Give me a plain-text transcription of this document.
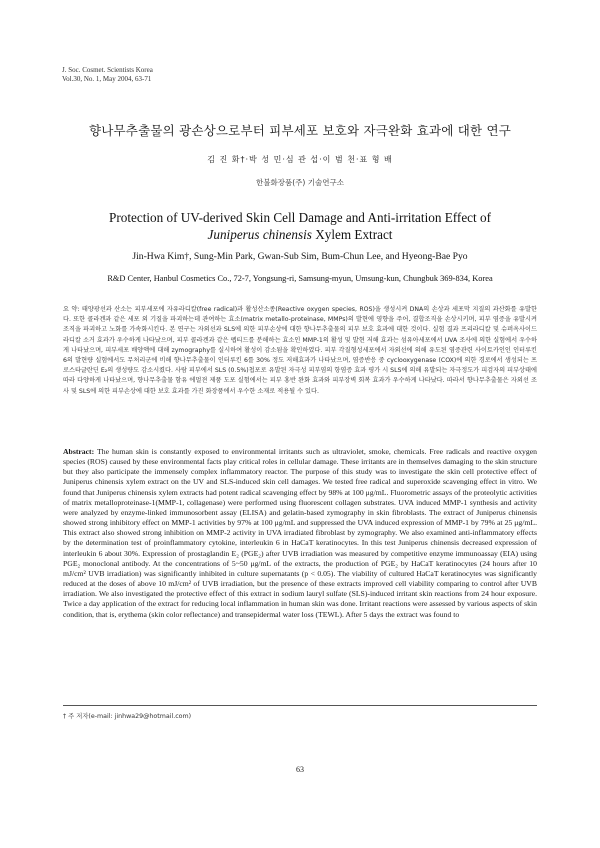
J. Soc. Cosmet. Scientists Korea
Vol.30, No. 1, May 2004, 63-71
향나무추출물의 광손상으로부터 피부세포 보호와 자극완화 효과에 대한 연구
김 진 화†·박 성 민·심 관 섭·이 범 천·표 형 배
한불화장품(주) 기술연구소
Protection of UV-derived Skin Cell Damage and Anti-irritation Effect of
Juniperus chinensis Xylem Extract
Jin-Hwa Kim†, Sung-Min Park, Gwan-Sub Sim, Bum-Chun Lee, and Hyeong-Bae Pyo
R&D Center, Hanbul Cosmetics Co., 72-7, Yongsung-ri, Samsung-myun, Umsung-kun, Chungbuk 369-834, Korea
요 약: 태양광선과 산소는 피부세포에 자유라디칼(free radical)과 활성산소종(Reactive oxygen species, ROS)을 생성시켜 DNA의 손상과 세포막 지질의 과산화를 유발한다. 또한 콜라겐과 같은 세포 외 기질을 파괴하는데 관여하는 효소(matrix metallo-proteinase, MMPs)의 발현에 영향을 주어, 결합조직을 손상시키며, 피부 염증을 유발시켜 조직을 파괴하고 노화를 가속화시킨다. 본 연구는 자외선과 SLS에 의한 피부손상에 대한 향나무추출물의 피부 보호 효과에 대한 것이다. 실험 결과 프리라디칼 및 슈퍼옥사이드 라디칼 소거 효과가 우수하게 나타났으며, 피부 콜라겐과 같은 펩티드를 분해하는 효소인 MMP-1의 활성 및 발현 저해 효과는 섬유아세포에서 UVA 조사에 의한 실험에서 우수하게 나타났으며, 피부세포 배양액에 대해 zymography를 실시하여 활성이 감소됨을 확인하였다. 피부 각질형성세포에서 자외선에 의해 유도된 염증관련 사이토카인인 인터루킨 6의 발현량 실험에서도 무처리군에 비해 향나무추출물이 인터루킨 6를 30% 정도 저해효과가 나타났으며, 염증반응 중 cyclooxygenase (COX)에 의한 경로에서 생성되는 프로스타글란딘 E₂의 생성량도 감소시켰다. 사람 피부에서 SLS (0.5%)첩포로 유발된 자극성 피부염의 항염증 효과 평가 시 SLS에 의해 유발되는 자극정도가 피검자의 피부상태에 따라 다양하게 나타났으며, 향나무추출물 함유 에멀젼 제품 도포 실험에서는 피부 홍반 완화 효과와 피부장벽 회복 효과가 우수하게 나타났다. 따라서 향나무추출물은 자외선 조사 및 SLS에 의한 피부손상에 대한 보호 효과를 가진 화장품에서 우수한 소재로 적용될 수 있다.
Abstract: The human skin is constantly exposed to environmental irritants such as ultraviolet, smoke, chemicals. Free radicals and reactive oxygen species (ROS) caused by these environmental facts play critical roles in cellular damage. These irritants are in themselves damaging to the skin structure but they also participate the immensely complex inflammatory reactor. The purpose of this study was to investigate the skin cell protective effect of Juniperus chinensis xylem extract on the UV and SLS-induced skin cell damages. We tested free radical and superoxide scavenging effect in vitro. We found that Juniperus chinensis xylem extracts had potent radical scavenging effect by 98% at 100 μg/mL. Fluorometric assays of the proteolytic activities of matrix metalloproteinase-1(MMP-1, collagenase) were performed using fluorescent collagen substrates. UVA induced MMP-1 synthesis and activity were analyzed by enzyme-linked immunosorbent assay (ELISA) and gelatin-based zymography in skin fibroblasts. The extract of Juniperus chinensis showed strong inhibitory effect on MMP-1 activities by 97% at 100 μg/mL and suppressed the UVA induced expression of MMP-1 by 79% at 25 μg/mL. This extract also showed strong inhibition on MMP-2 activity in UVA irradiated fibroblast by zymography. We also examined anti-inflammatory effects by the determination test of proinflammatory cytokine, interleukin 6 in HaCaT keratinocytes. In this test Juniperus chinensis decreased expression of interleukin 6 about 30%. Expression of prostaglandin E₂ (PGE₂) after UVB irradiation was measured by competitive enzyme immunoassay (EIA) using PGE₂ monoclonal antibody. At the concentrations of 5~50 μg/mL of the extracts, the production of PGE₂ by HaCaT keratinocytes (24 hours after 10 mJ/cm² UVB irradiation) was significantly inhibited in culture supernatants (p < 0.05). The viability of cultured HaCaT keratinocytes was significantly reduced at the doses of above 10 mJ/cm² of UVB irradiation, but the presence of these extracts improved cell viability comparing to control after UVB irradiation. We also investigated the protective effect of this extract in sodium lauryl sulfate (SLS)-induced irritant skin reactions from 24 hour exposure. Twice a day application of the extract for reducing local inflammation in human skin was done. Irritant reactions were assessed by various aspects of skin condition, that is, erythema (skin color reflectance) and transepidermal water loss (TEWL). After 5 days the extract was found to
† 주 저자(e-mail: jinhwa29@hotmail.com)
63
